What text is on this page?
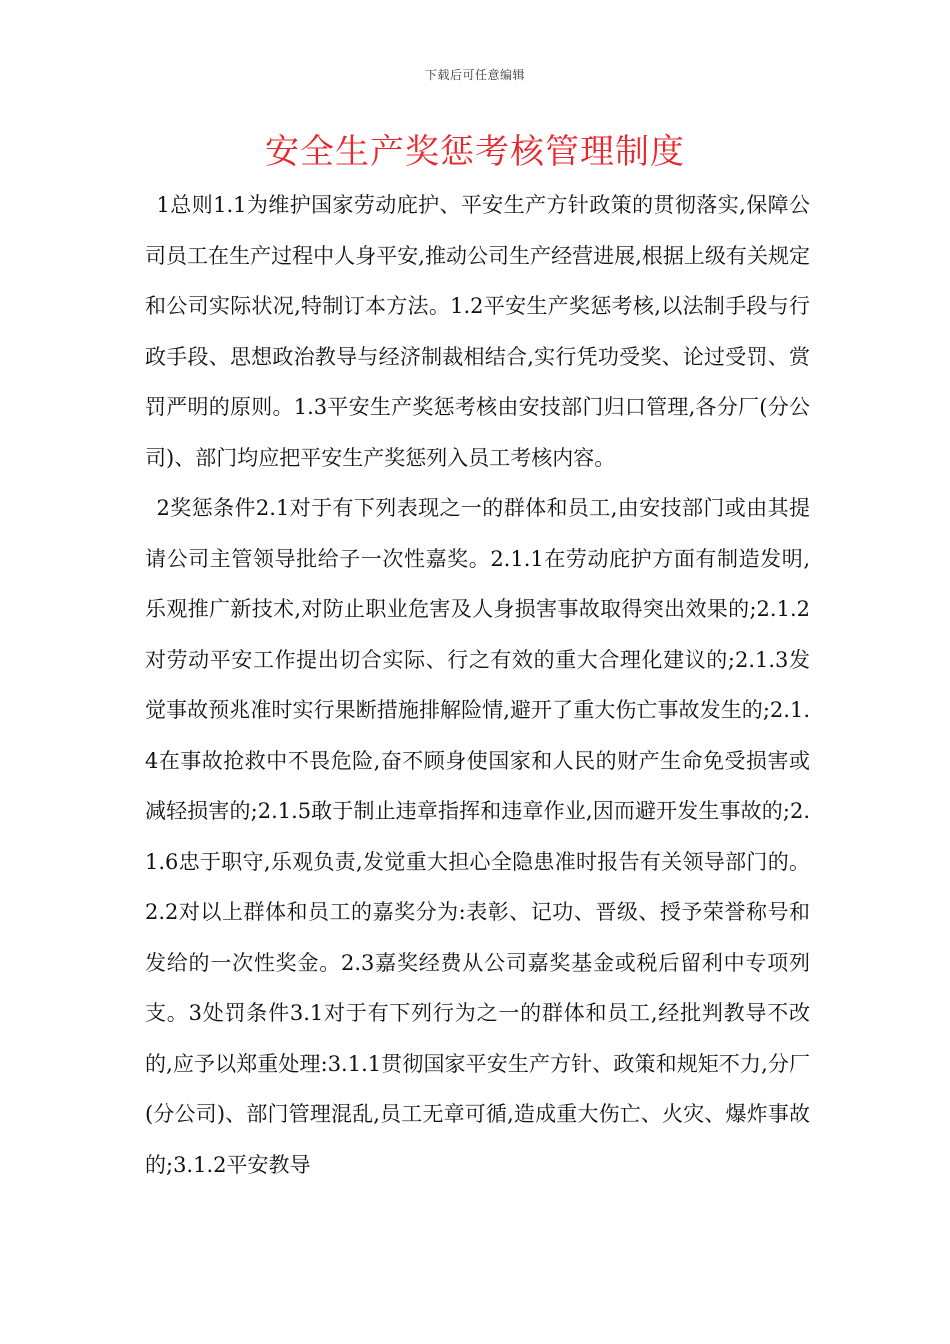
下载后可任意编辑
安全生产奖惩考核管理制度

1总则1.1为维护国家劳动庇护、平安生产方针政策的贯彻落实,保障公司员工在生产过程中人身平安,推动公司生产经营进展,根据上级有关规定和公司实际状况,特制订本方法。1.2平安生产奖惩考核,以法制手段与行政手段、思想政治教导与经济制裁相结合,实行凭功受奖、论过受罚、赏罚严明的原则。1.3平安生产奖惩考核由安技部门归口管理,各分厂(分公司)、部门均应把平安生产奖惩列入员工考核内容。

2奖惩条件2.1对于有下列表现之一的群体和员工,由安技部门或由其提请公司主管领导批给子一次性嘉奖。2.1.1在劳动庇护方面有制造发明,乐观推广新技术,对防止职业危害及人身损害事故取得突出效果的;2.1.2对劳动平安工作提出切合实际、行之有效的重大合理化建议的;2.1.3发觉事故预兆准时实行果断措施排解险情,避开了重大伤亡事故发生的;2.1.4在事故抢救中不畏危险,奋不顾身使国家和人民的财产生命免受损害或减轻损害的;2.1.5敢于制止违章指挥和违章作业,因而避开发生事故的;2.1.6忠于职守,乐观负责,发觉重大担心全隐患准时报告有关领导部门的。2.2对以上群体和员工的嘉奖分为:表彰、记功、晋级、授予荣誉称号和发给的一次性奖金。2.3嘉奖经费从公司嘉奖基金或税后留利中专项列支。3处罚条件3.1对于有下列行为之一的群体和员工,经批判教导不改的,应予以郑重处理:3.1.1贯彻国家平安生产方针、政策和规矩不力,分厂(分公司)、部门管理混乱,员工无章可循,造成重大伤亡、火灾、爆炸事故的;3.1.2平安教导
